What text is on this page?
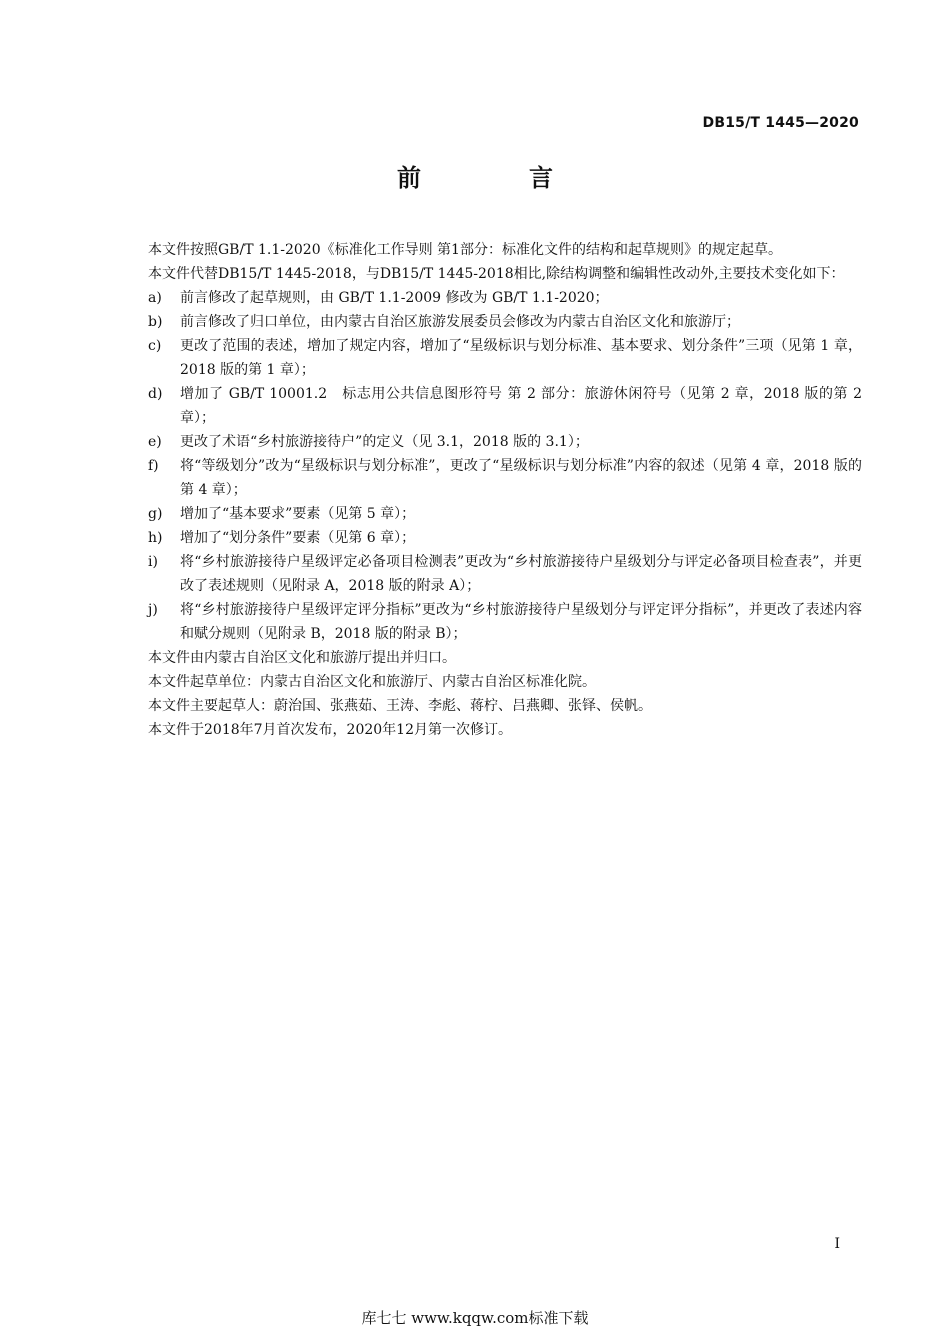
DB15/T 1445—2020
前　言

本文件按照GB/T 1.1-2020《标准化工作导则 第1部分：标准化文件的结构和起草规则》的规定起草。

本文件代替DB15/T 1445-2018，与DB15/T 1445-2018相比,除结构调整和编辑性改动外,主要技术变化如下：

a) 前言修改了起草规则，由 GB/T 1.1-2009 修改为 GB/T 1.1-2020；
b) 前言修改了归口单位，由内蒙古自治区旅游发展委员会修改为内蒙古自治区文化和旅游厅；
c) 更改了范围的表述，增加了规定内容，增加了“星级标识与划分标准、基本要求、划分条件”三项（见第 1 章，2018 版的第 1 章）；
d) 增加了 GB/T 10001.2　标志用公共信息图形符号 第 2 部分：旅游休闲符号（见第 2 章，2018 版的第 2 章）；
e) 更改了术语“乡村旅游接待户”的定义（见 3.1，2018 版的 3.1）；
f) 将“等级划分”改为“星级标识与划分标准”，更改了“星级标识与划分标准”内容的叙述（见第 4 章，2018 版的第 4 章）；
g) 增加了“基本要求”要素（见第 5 章）；
h) 增加了“划分条件”要素（见第 6 章）；
i) 将“乡村旅游接待户星级评定必备项目检测表”更改为“乡村旅游接待户星级划分与评定必备项目检查表”，并更改了表述规则（见附录 A，2018 版的附录 A）；
j) 将“乡村旅游接待户星级评定评分指标”更改为“乡村旅游接待户星级划分与评定评分指标”，并更改了表述内容和赋分规则（见附录 B，2018 版的附录 B）；

本文件由内蒙古自治区文化和旅游厅提出并归口。

本文件起草单位：内蒙古自治区文化和旅游厅、内蒙古自治区标准化院。

本文件主要起草人：蔚治国、张燕茹、王涛、李彪、蒋柠、吕燕卿、张铎、侯帆。

本文件于2018年7月首次发布，2020年12月第一次修订。

I
库七七 www.kqqw.com标准下载
